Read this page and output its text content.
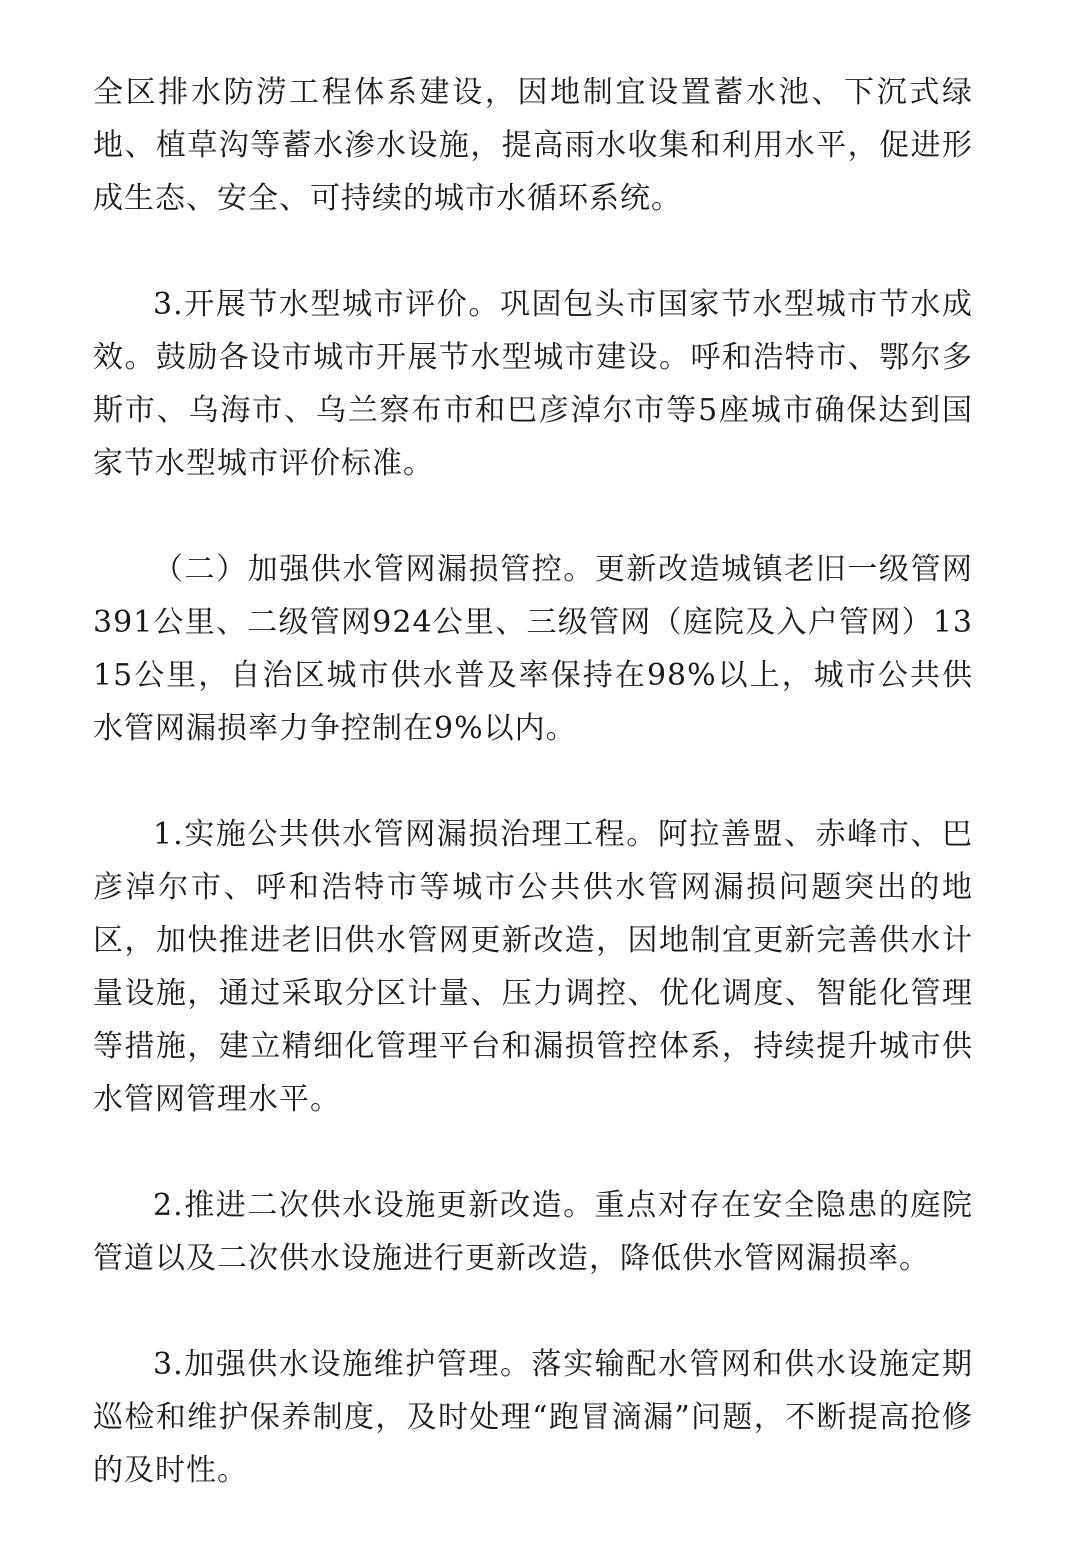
全区排水防涝工程体系建设，因地制宜设置蓄水池、下沉式绿地、植草沟等蓄水渗水设施，提高雨水收集和利用水平，促进形成生态、安全、可持续的城市水循环系统。

3.开展节水型城市评价。巩固包头市国家节水型城市节水成效。鼓励各设市城市开展节水型城市建设。呼和浩特市、鄂尔多斯市、乌海市、乌兰察布市和巴彦淖尔市等5座城市确保达到国家节水型城市评价标准。

（二）加强供水管网漏损管控。更新改造城镇老旧一级管网391公里、二级管网924公里、三级管网（庭院及入户管网）1315公里，自治区城市供水普及率保持在98%以上，城市公共供水管网漏损率力争控制在9%以内。

1.实施公共供水管网漏损治理工程。阿拉善盟、赤峰市、巴彦淖尔市、呼和浩特市等城市公共供水管网漏损问题突出的地区，加快推进老旧供水管网更新改造，因地制宜更新完善供水计量设施，通过采取分区计量、压力调控、优化调度、智能化管理等措施，建立精细化管理平台和漏损管控体系，持续提升城市供水管网管理水平。

2.推进二次供水设施更新改造。重点对存在安全隐患的庭院管道以及二次供水设施进行更新改造，降低供水管网漏损率。

3.加强供水设施维护管理。落实输配水管网和供水设施定期巡检和维护保养制度，及时处理“跑冒滴漏”问题，不断提高抢修的及时性。
